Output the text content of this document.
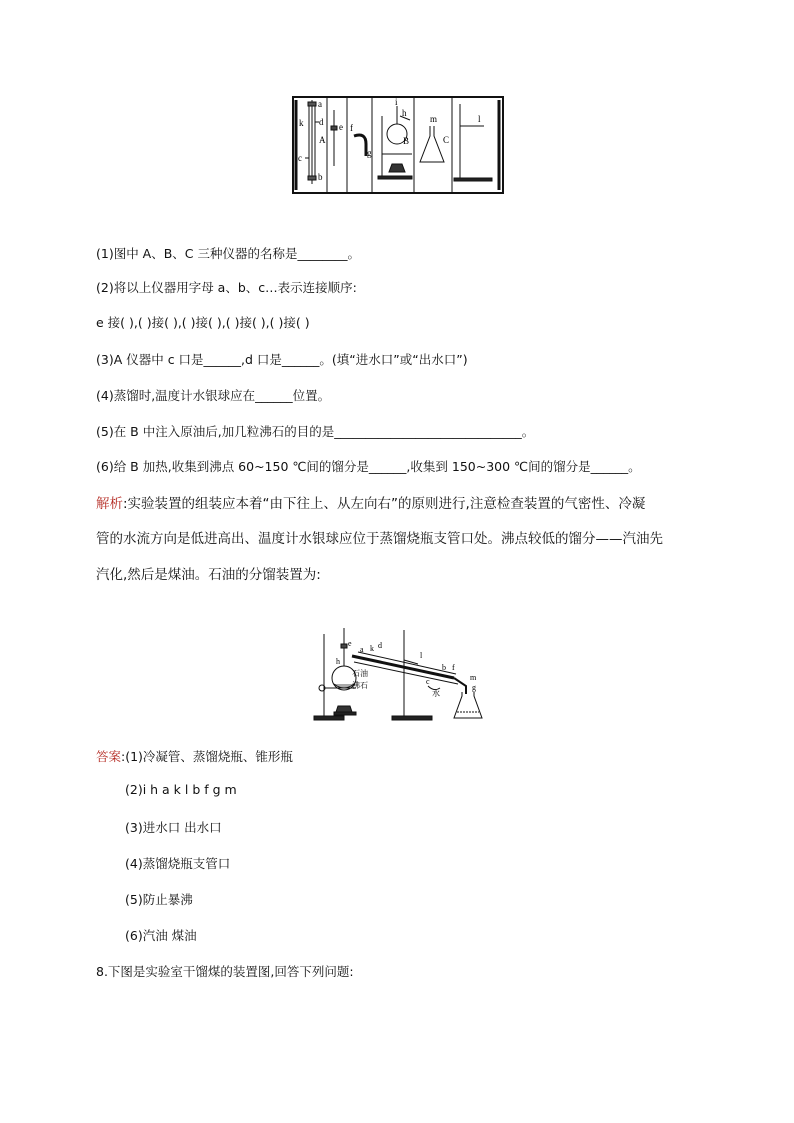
a
k d
A
c
b
e f
g
i
h
B
m
C
l
(1)图中 A、B、C 三种仪器的名称是________。
(2)将以上仪器用字母 a、b、c…表示连接顺序:
e 接( ),( )接( ),( )接( ),( )接( ),( )接( )
(3)A 仪器中 c 口是______,d 口是______。(填“进水口”或“出水口”)
(4)蒸馏时,温度计水银球应在______位置。
(5)在 B 中注入原油后,加几粒沸石的目的是______________________________。
(6)给 B 加热,收集到沸点 60~150 ℃间的馏分是______,收集到 150~300 ℃间的馏分是______。
解析:实验装置的组装应本着“由下往上、从左向右”的原则进行,注意检查装置的气密性、冷凝
管的水流方向是低进高出、温度计水银球应位于蒸馏烧瓶支管口处。沸点较低的馏分——汽油先
汽化,然后是煤油。石油的分馏装置为:
e
a k d
h
l
石油
沸石
b f
c
水
m
g
答案:(1)冷凝管、蒸馏烧瓶、锥形瓶
(2)i h a k l b f g m
(3)进水口 出水口
(4)蒸馏烧瓶支管口
(5)防止暴沸
(6)汽油 煤油
8.下图是实验室干馏煤的装置图,回答下列问题:
